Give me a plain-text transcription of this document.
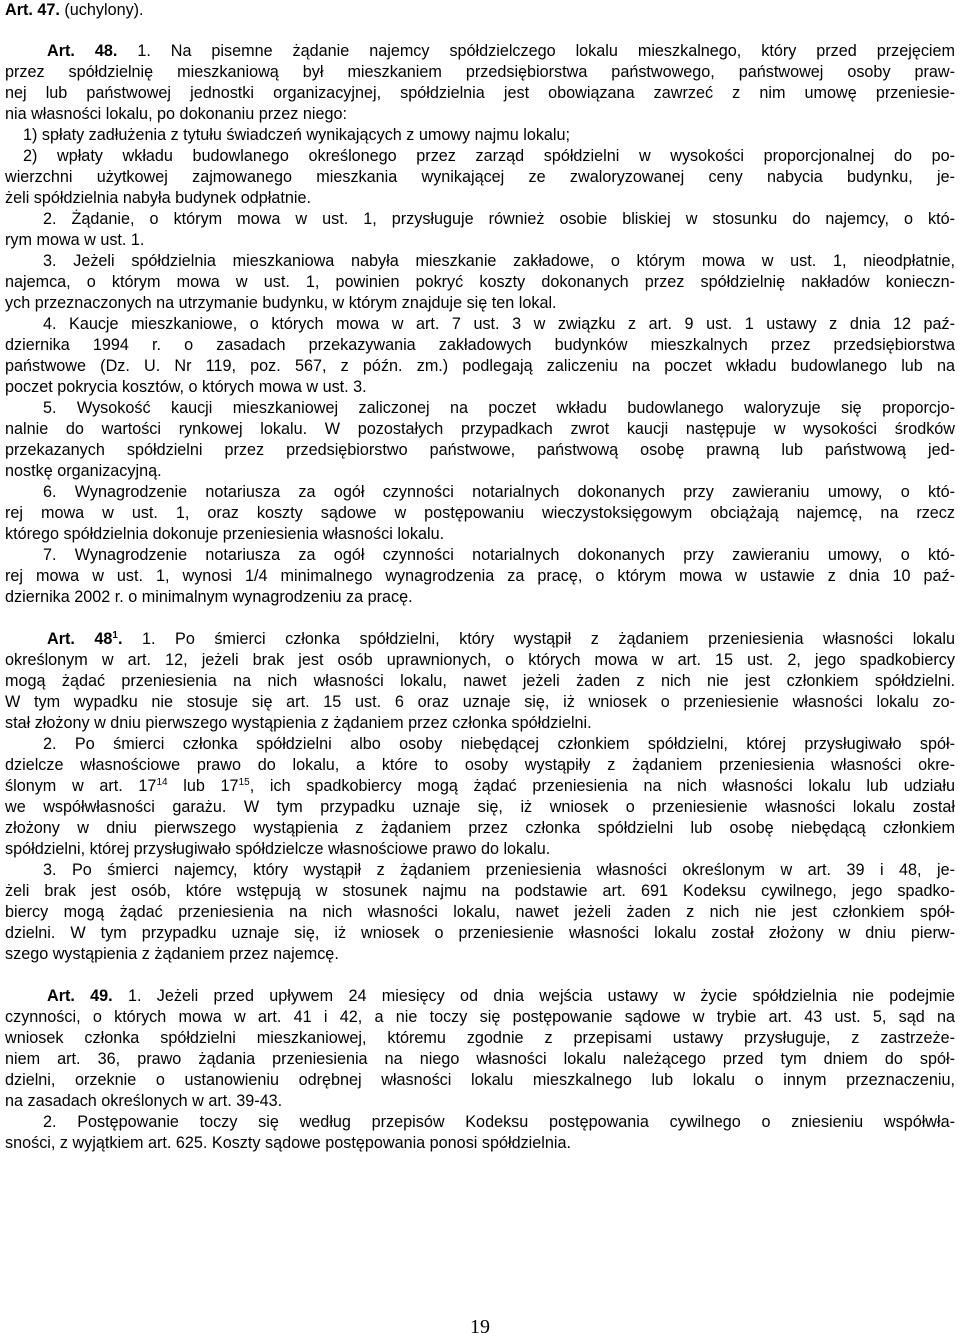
Art. 47. (uchylony).
Art. 48. 1. Na pisemne żądanie najemcy spółdzielczego lokalu mieszkalnego, który przed przejęciem
przez spółdzielnię mieszkaniową był mieszkaniem przedsiębiorstwa państwowego, państwowej osoby praw-
nej lub państwowej jednostki organizacyjnej, spółdzielnia jest obowiązana zawrzeć z nim umowę przeniesie-
nia własności lokalu, po dokonaniu przez niego:
1) spłaty zadłużenia z tytułu świadczeń wynikających z umowy najmu lokalu;
2) wpłaty wkładu budowlanego określonego przez zarząd spółdzielni w wysokości proporcjonalnej do po-
wierzchni użytkowej zajmowanego mieszkania wynikającej ze zwaloryzowanej ceny nabycia budynku, je-
żeli spółdzielnia nabyła budynek odpłatnie.
2. Żądanie, o którym mowa w ust. 1, przysługuje również osobie bliskiej w stosunku do najemcy, o któ-
rym mowa w ust. 1.
3. Jeżeli spółdzielnia mieszkaniowa nabyła mieszkanie zakładowe, o którym mowa w ust. 1, nieodpłatnie,
najemca, o którym mowa w ust. 1, powinien pokryć koszty dokonanych przez spółdzielnię nakładów konieczn-
ych przeznaczonych na utrzymanie budynku, w którym znajduje się ten lokal.
4. Kaucje mieszkaniowe, o których mowa w art. 7 ust. 3 w związku z art. 9 ust. 1 ustawy z dnia 12 paź-
dziernika 1994 r. o zasadach przekazywania zakładowych budynków mieszkalnych przez przedsiębiorstwa
państwowe (Dz. U. Nr 119, poz. 567, z późn. zm.) podlegają zaliczeniu na poczet wkładu budowlanego lub na
poczet pokrycia kosztów, o których mowa w ust. 3.
5. Wysokość kaucji mieszkaniowej zaliczonej na poczet wkładu budowlanego waloryzuje się proporcjo-
nalnie do wartości rynkowej lokalu. W pozostałych przypadkach zwrot kaucji następuje w wysokości środków
przekazanych spółdzielni przez przedsiębiorstwo państwowe, państwową osobę prawną lub państwową jed-
nostkę organizacyjną.
6. Wynagrodzenie notariusza za ogół czynności notarialnych dokonanych przy zawieraniu umowy, o któ-
rej mowa w ust. 1, oraz koszty sądowe w postępowaniu wieczystoksięgowym obciążają najemcę, na rzecz
którego spółdzielnia dokonuje przeniesienia własności lokalu.
7. Wynagrodzenie notariusza za ogół czynności notarialnych dokonanych przy zawieraniu umowy, o któ-
rej mowa w ust. 1, wynosi 1/4 minimalnego wynagrodzenia za pracę, o którym mowa w ustawie z dnia 10 paź-
dziernika 2002 r. o minimalnym wynagrodzeniu za pracę.
Art. $48^1$. 1. Po śmierci członka spółdzielni, który wystąpił z żądaniem przeniesienia własności lokalu
określonym w art. 12, jeżeli brak jest osób uprawnionych, o których mowa w art. 15 ust. 2, jego spadkobiercy
mogą żądać przeniesienia na nich własności lokalu, nawet jeżeli żaden z nich nie jest członkiem spółdzielni.
W tym wypadku nie stosuje się art. 15 ust. 6 oraz uznaje się, iż wniosek o przeniesienie własności lokalu zo-
stał złożony w dniu pierwszego wystąpienia z żądaniem przez członka spółdzielni.
2. Po śmierci członka spółdzielni albo osoby niebędącej członkiem spółdzielni, której przysługiwało spół-
dzielcze własnościowe prawo do lokalu, a które to osoby wystąpiły z żądaniem przeniesienia własności okre-
ślonym w art. $17^{14}$ lub $17^{15}$, ich spadkobiercy mogą żądać przeniesienia na nich własności lokalu lub udziału
we współwłasności garażu. W tym przypadku uznaje się, iż wniosek o przeniesienie własności lokalu został
złożony w dniu pierwszego wystąpienia z żądaniem przez członka spółdzielni lub osobę niebędącą członkiem
spółdzielni, której przysługiwało spółdzielcze własnościowe prawo do lokalu.
3. Po śmierci najemcy, który wystąpił z żądaniem przeniesienia własności określonym w art. 39 i 48, je-
żeli brak jest osób, które wstępują w stosunek najmu na podstawie art. 691 Kodeksu cywilnego, jego spadko-
biercy mogą żądać przeniesienia na nich własności lokalu, nawet jeżeli żaden z nich nie jest członkiem spół-
dzielni. W tym przypadku uznaje się, iż wniosek o przeniesienie własności lokalu został złożony w dniu pierw-
szego wystąpienia z żądaniem przez najemcę.
Art. 49. 1. Jeżeli przed upływem 24 miesięcy od dnia wejścia ustawy w życie spółdzielnia nie podejmie
czynności, o których mowa w art. 41 i 42, a nie toczy się postępowanie sądowe w trybie art. 43 ust. 5, sąd na
wniosek członka spółdzielni mieszkaniowej, któremu zgodnie z przepisami ustawy przysługuje, z zastrzeże-
niem art. 36, prawo żądania przeniesienia na niego własności lokalu należącego przed tym dniem do spół-
dzielni, orzeknie o ustanowieniu odrębnej własności lokalu mieszkalnego lub lokalu o innym przeznaczeniu,
na zasadach określonych w art. 39-43.
2. Postępowanie toczy się według przepisów Kodeksu postępowania cywilnego o zniesieniu współwła-
sności, z wyjątkiem art. 625. Koszty sądowe postępowania ponosi spółdzielnia.
19
